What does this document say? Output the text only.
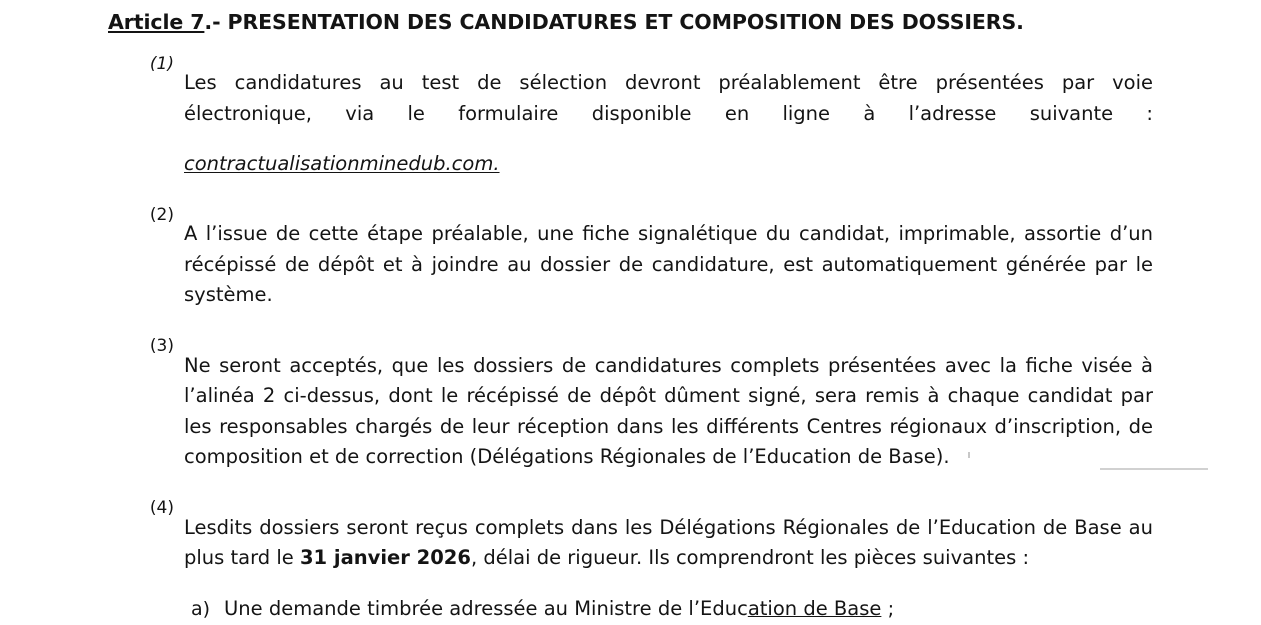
Article 7.- PRESENTATION DES CANDIDATURES ET COMPOSITION DES DOSSIERS.
(1)

Les candidatures au test de sélection devront préalablement être présentées par voie électronique, via le formulaire disponible en ligne à l’adresse suivante :

contractualisationminedub.com.

(2)

A l’issue de cette étape préalable, une fiche signalétique du candidat, imprimable, assortie d’un récépissé de dépôt et à joindre au dossier de candidature, est automatiquement générée par le système.

(3)

Ne seront acceptés, que les dossiers de candidatures complets présentées avec la fiche visée à l’alinéa 2 ci-dessus, dont le récépissé de dépôt dûment signé, sera remis à chaque candidat par les responsables chargés de leur réception dans les différents Centres régionaux d’inscription, de composition et de correction (Délégations Régionales de l’Education de Base).

(4)

Lesdits dossiers seront reçus complets dans les Délégations Régionales de l’Education de Base au plus tard le 31 janvier 2026, délai de rigueur. Ils comprendront les pièces suivantes :

a) Une demande timbrée adressée au Ministre de l’Education de Base ;
